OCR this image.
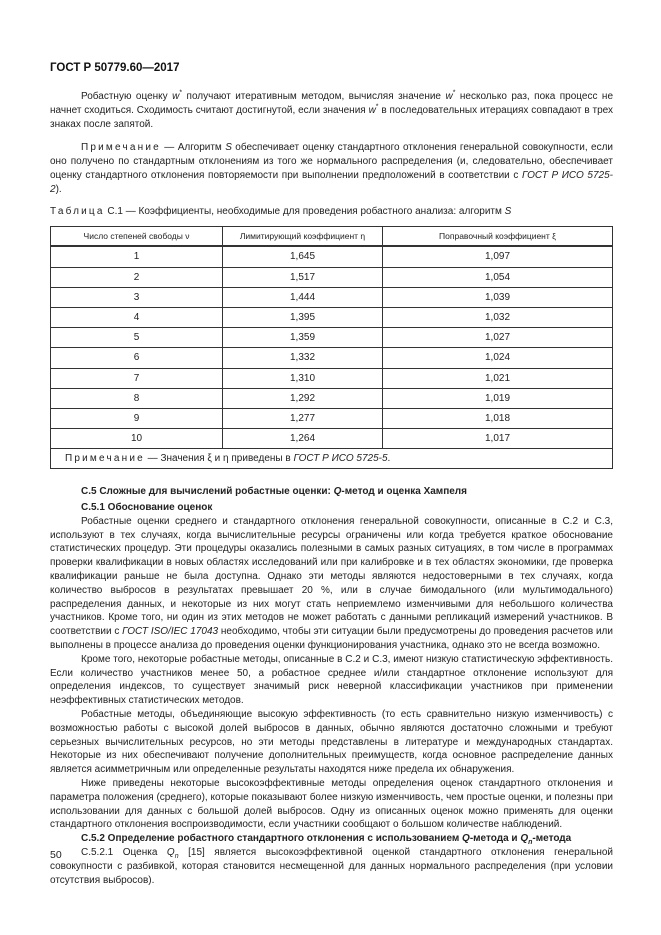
ГОСТ Р 50779.60—2017

Робастную оценку w* получают итеративным методом, вычисляя значение w* несколько раз, пока процесс не начнет сходиться. Сходимость считают достигнутой, если значения w* в последовательных итерациях совпадают в трех знаках после запятой.

Примечание — Алгоритм S обеспечивает оценку стандартного отклонения генеральной совокупности, если оно получено по стандартным отклонениям из того же нормального распределения (и, следовательно, обеспечивает оценку стандартного отклонения повторяемости при выполнении предположений в соответствии с ГОСТ Р ИСО 5725-2).

Таблица С.1 — Коэффициенты, необходимые для проведения робастного анализа: алгоритм S

Число степеней свободы ν	Лимитирующий коэффициент η	Поправочный коэффициент ξ
1	1,645	1,097
2	1,517	1,054
3	1,444	1,039
4	1,395	1,032
5	1,359	1,027
6	1,332	1,024
7	1,310	1,021
8	1,292	1,019
9	1,277	1,018
10	1,264	1,017
Примечание — Значения ξ и η приведены в ГОСТ Р ИСО 5725-5.		
С.5 Сложные для вычислений робастные оценки: Q-метод и оценка Хампеля
С.5.1 Обоснование оценок

Робастные оценки среднего и стандартного отклонения генеральной совокупности, описанные в С.2 и С.3, используют в тех случаях, когда вычислительные ресурсы ограничены или когда требуется краткое обоснование статистических процедур. Эти процедуры оказались полезными в самых разных ситуациях, в том числе в программах проверки квалификации в новых областях исследований или при калибровке и в тех областях экономики, где проверка квалификации раньше не была доступна. Однако эти методы являются недостоверными в тех случаях, когда количество выбросов в результатах превышает 20 %, или в случае бимодального (или мультимодального) распределения данных, и некоторые из них могут стать неприемлемо изменчивыми для небольшого количества участников. Кроме того, ни один из этих методов не может работать с данными репликаций измерений участников. В соответствии с ГОСТ ISO/IEC 17043 необходимо, чтобы эти ситуации были предусмотрены до проведения расчетов или выполнены в процессе анализа до проведения оценки функционирования участника, однако это не всегда возможно.

Кроме того, некоторые робастные методы, описанные в С.2 и С.3, имеют низкую статистическую эффективность. Если количество участников менее 50, а робастное среднее и/или стандартное отклонение используют для определения индексов, то существует значимый риск неверной классификации участников при применении неэффективных статистических методов.

Робастные методы, объединяющие высокую эффективность (то есть сравнительно низкую изменчивость) с возможностью работы с высокой долей выбросов в данных, обычно являются достаточно сложными и требуют серьезных вычислительных ресурсов, но эти методы представлены в литературе и международных стандартах. Некоторые из них обеспечивают получение дополнительных преимуществ, когда основное распределение данных является асимметричным или определенные результаты находятся ниже предела их обнаружения.

Ниже приведены некоторые высокоэффективные методы определения оценок стандартного отклонения и параметра положения (среднего), которые показывают более низкую изменчивость, чем простые оценки, и полезны при использовании для данных с большой долей выбросов. Одну из описанных оценок можно применять для оценки стандартного отклонения воспроизводимости, если участники сообщают о большом количестве наблюдений.

С.5.2 Определение робастного стандартного отклонения с использованием Q-метода и $Q_n$-метода

С.5.2.1 Оценка $Q_n$ [15] является высокоэффективной оценкой стандартного отклонения генеральной совокупности с разбивкой, которая становится несмещенной для данных нормального распределения (при условии отсутствия выбросов).

50
